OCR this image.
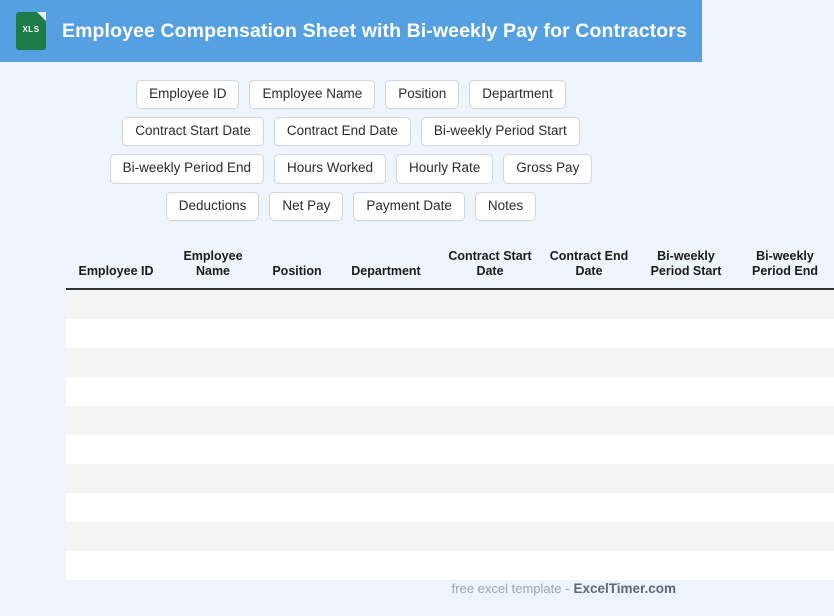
XLS	Employee Compensation Sheet with Bi-weekly Pay for Contractors
Employee ID	Employee Name	Position	Department
Contract Start Date	Contract End Date	Bi-weekly Period Start
Bi-weekly Period End	Hours Worked	Hourly Rate	Gross Pay
Deductions	Net Pay	Payment Date	Notes
Employee ID	Employee Name	Position	Department	Contract Start Date	Contract End Date	Bi-weekly Period Start	Bi-weekly Period End

free excel template - ExcelTimer.com
